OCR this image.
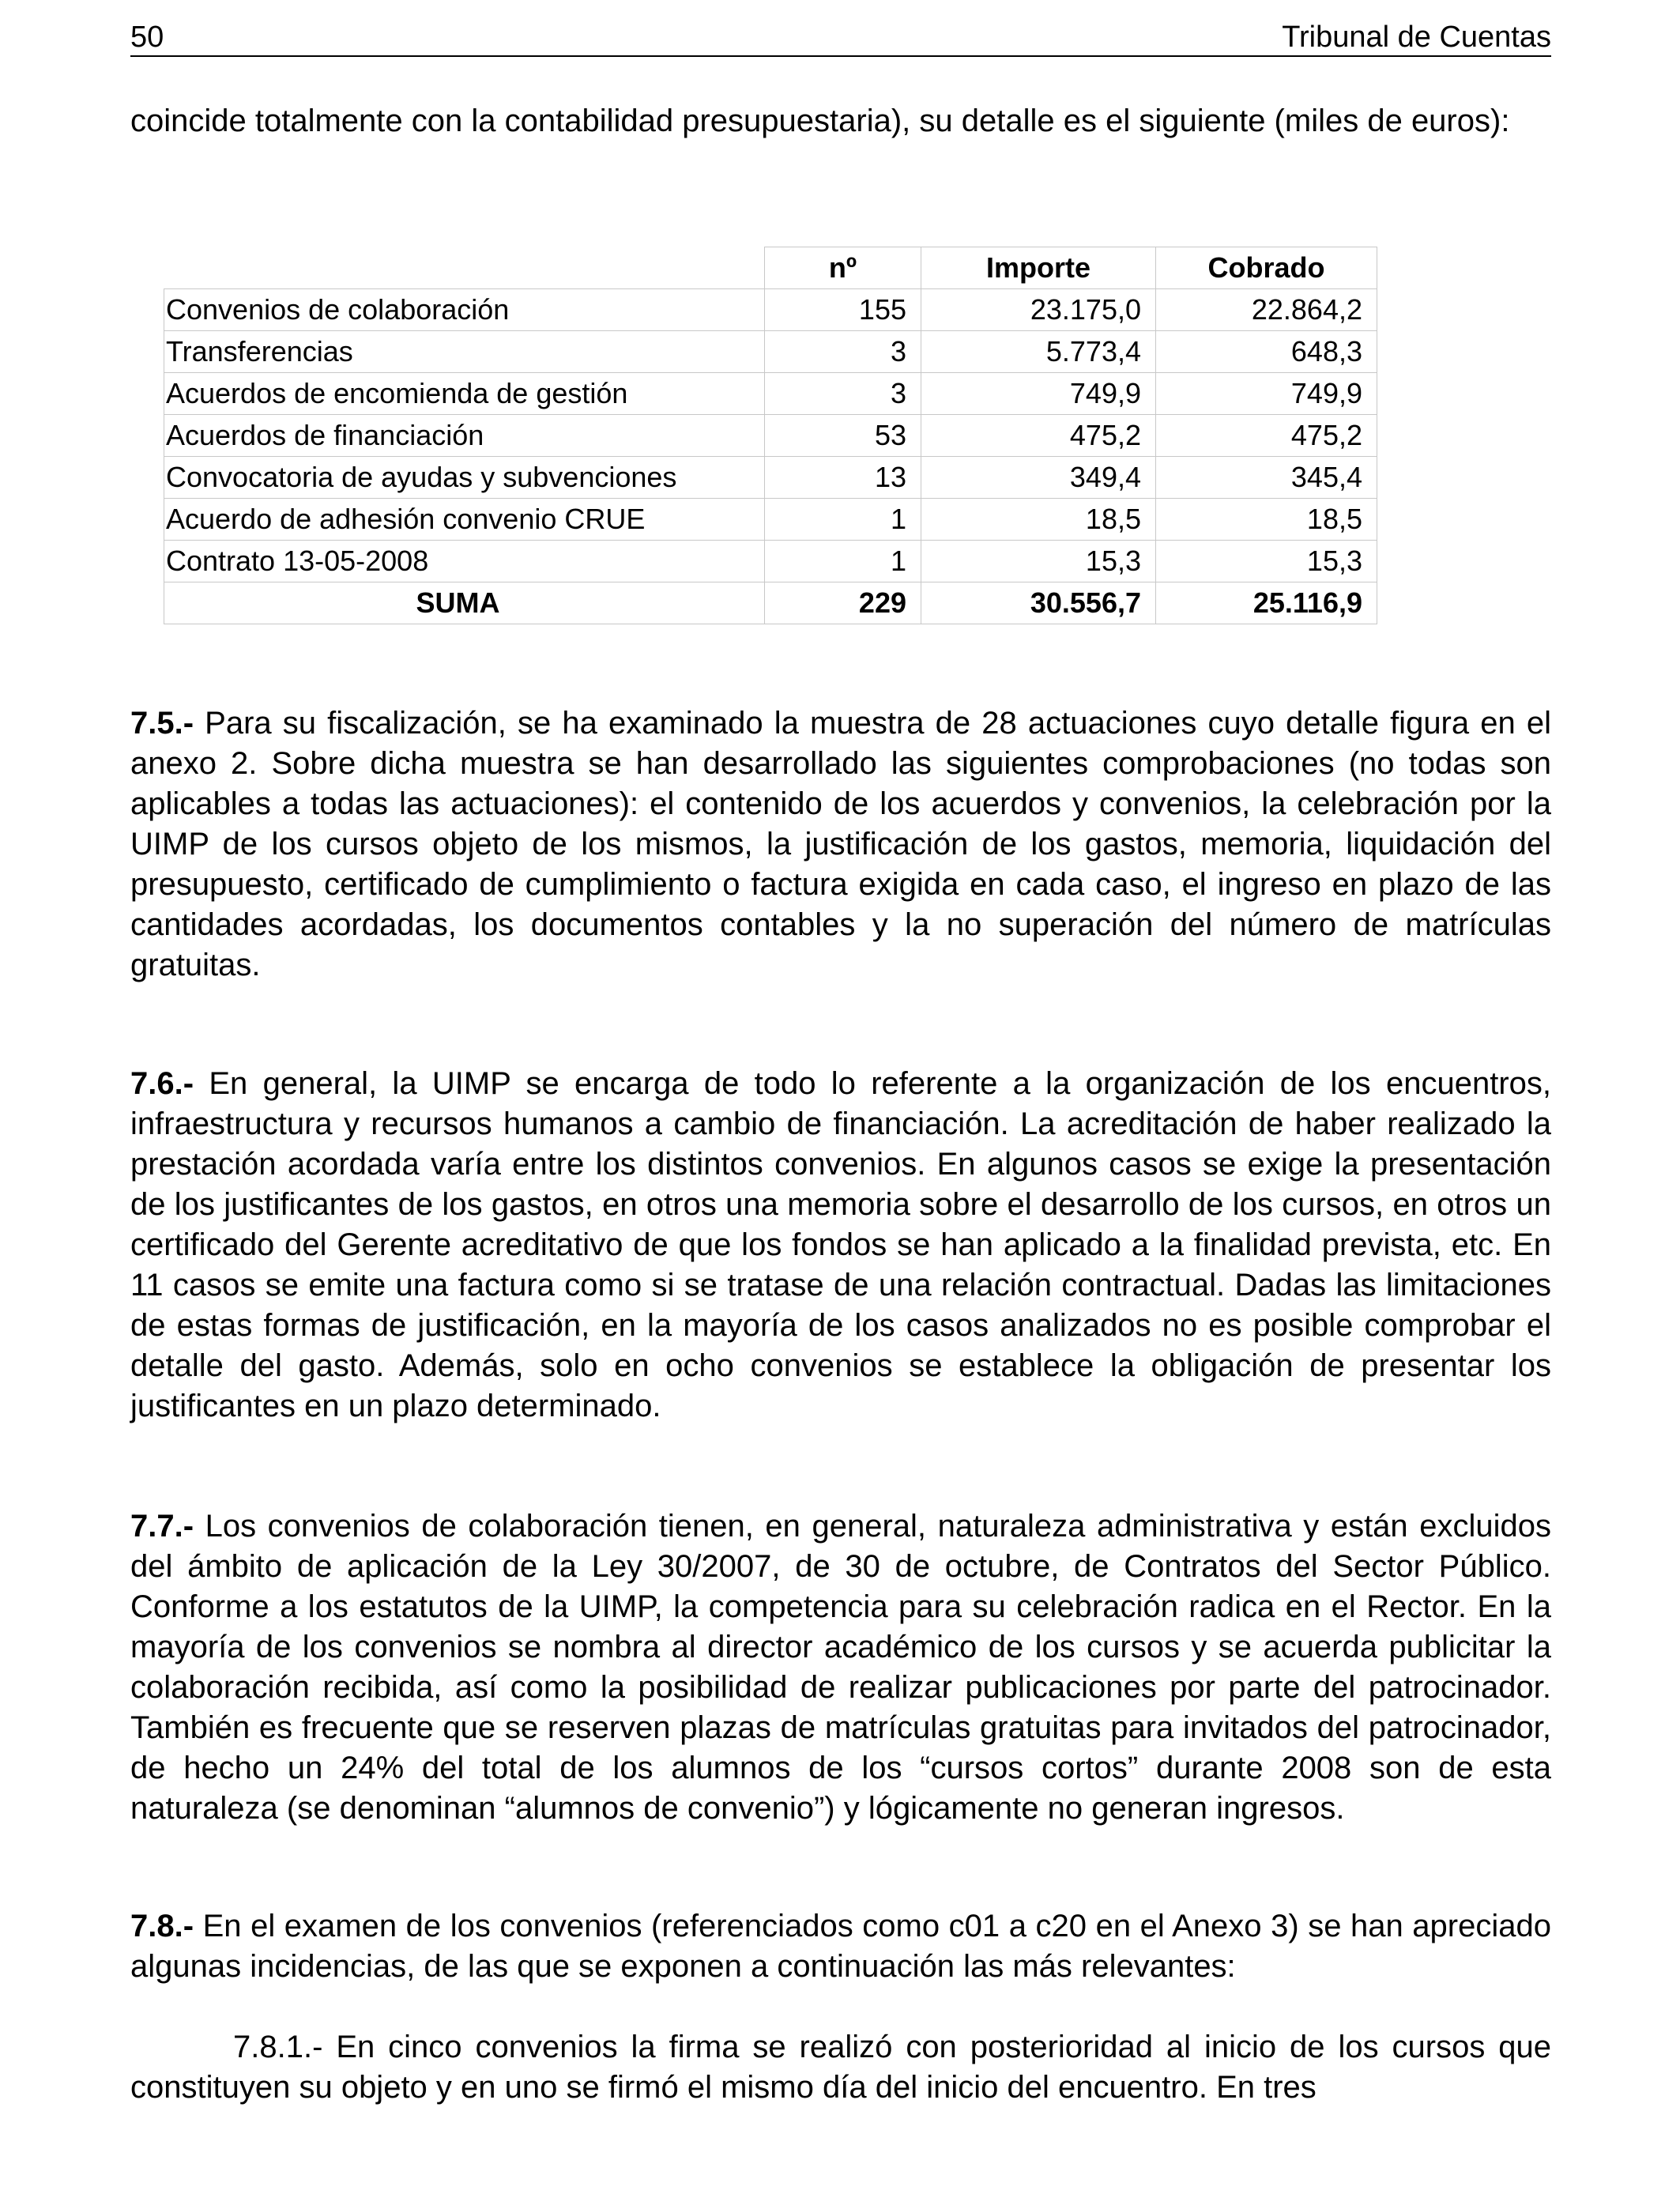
50	Tribunal de Cuentas

coincide totalmente con la contabilidad presupuestaria), su detalle es el siguiente (miles de euros):

	nº	Importe	Cobrado
Convenios de colaboración	155	23.175,0	22.864,2
Transferencias	3	5.773,4	648,3
Acuerdos de encomienda de gestión	3	749,9	749,9
Acuerdos de financiación	53	475,2	475,2
Convocatoria de ayudas y subvenciones	13	349,4	345,4
Acuerdo de adhesión convenio CRUE	1	18,5	18,5
Contrato 13-05-2008	1	15,3	15,3
SUMA	229	30.556,7	25.116,9

7.5.- Para su fiscalización, se ha examinado la muestra de 28 actuaciones cuyo detalle figura en el anexo 2. Sobre dicha muestra se han desarrollado las siguientes comprobaciones (no todas son aplicables a todas las actuaciones): el contenido de los acuerdos y convenios, la celebración por la UIMP de los cursos objeto de los mismos, la justificación de los gastos, memoria, liquidación del presupuesto, certificado de cumplimiento o factura exigida en cada caso, el ingreso en plazo de las cantidades acordadas, los documentos contables y la no superación del número de matrículas gratuitas.

7.6.- En general, la UIMP se encarga de todo lo referente a la organización de los encuentros, infraestructura y recursos humanos a cambio de financiación. La acreditación de haber realizado la prestación acordada varía entre los distintos convenios. En algunos casos se exige la presentación de los justificantes de los gastos, en otros una memoria sobre el desarrollo de los cursos, en otros un certificado del Gerente acreditativo de que los fondos se han aplicado a la finalidad prevista, etc. En 11 casos se emite una factura como si se tratase de una relación contractual. Dadas las limitaciones de estas formas de justificación, en la mayoría de los casos analizados no es posible comprobar el detalle del gasto. Además, solo en ocho convenios se establece la obligación de presentar los justificantes en un plazo determinado.

7.7.- Los convenios de colaboración tienen, en general, naturaleza administrativa y están excluidos del ámbito de aplicación de la Ley 30/2007, de 30 de octubre, de Contratos del Sector Público. Conforme a los estatutos de la UIMP, la competencia para su celebración radica en el Rector. En la mayoría de los convenios se nombra al director académico de los cursos y se acuerda publicitar la colaboración recibida, así como la posibilidad de realizar publicaciones por parte del patrocinador. También es frecuente que se reserven plazas de matrículas gratuitas para invitados del patrocinador, de hecho un 24% del total de los alumnos de los “cursos cortos” durante 2008 son de esta naturaleza (se denominan “alumnos de convenio”) y lógicamente no generan ingresos.

7.8.- En el examen de los convenios (referenciados como c01 a c20 en el Anexo 3) se han apreciado algunas incidencias, de las que se exponen a continuación las más relevantes:

7.8.1.- En cinco convenios la firma se realizó con posterioridad al inicio de los cursos que constituyen su objeto y en uno se firmó el mismo día del inicio del encuentro. En tres
